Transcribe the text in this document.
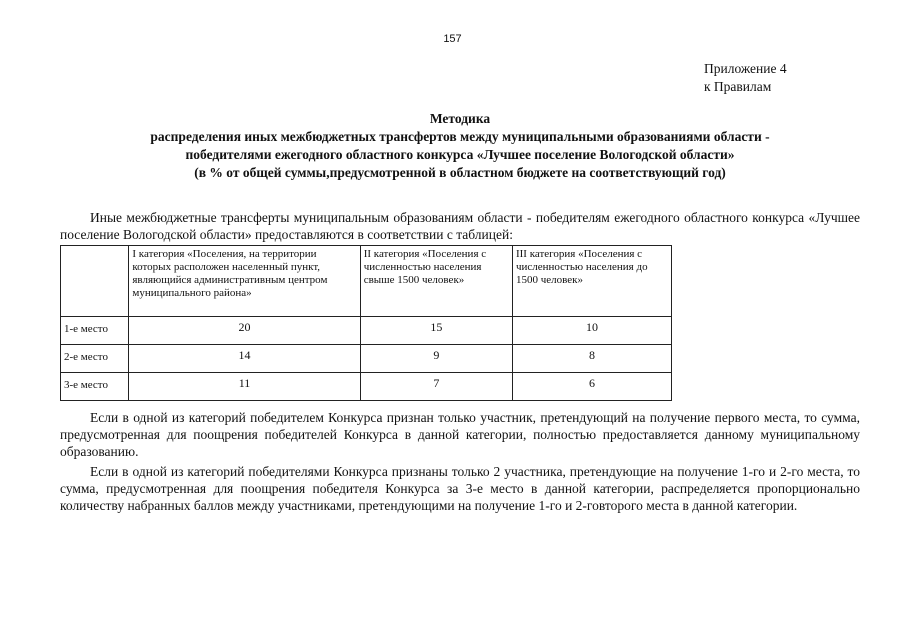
157
Приложение 4
к Правилам
Методика
распределения иных межбюджетных трансфертов между муниципальными образованиями области -
победителями ежегодного областного конкурса «Лучшее поселение Вологодской области»
(в % от общей суммы,предусмотренной в областном бюджете на соответствующий год)
Иные межбюджетные трансферты муниципальным образованиям области - победителям ежегодного областного конкурса «Лучшее поселение Вологодской области» предоставляются в соответствии с таблицей:
	I категория «Поселения, на территории которых расположен населенный пункт, являющийся административным центром муниципального района»	II категория «Поселения с численностью населения свыше 1500 человек»	III категория «Поселения с численностью населения до 1500 человек»
1-е место	20	15	10
2-е место	14	9	8
3-е место	11	7	6
Если в одной из категорий победителем Конкурса признан только участник, претендующий на получение первого места, то сумма, предусмотренная для поощрения победителей Конкурса в данной категории, полностью предоставляется данному муниципальному образованию.
Если в одной из категорий победителями Конкурса признаны только 2 участника, претендующие на получение 1-го и 2-го места, то сумма, предусмотренная для поощрения победителя Конкурса за 3-е место в данной категории, распределяется пропорционально количеству набранных баллов между участниками, претендующими на получение 1-го и 2-говторого места в данной категории.
